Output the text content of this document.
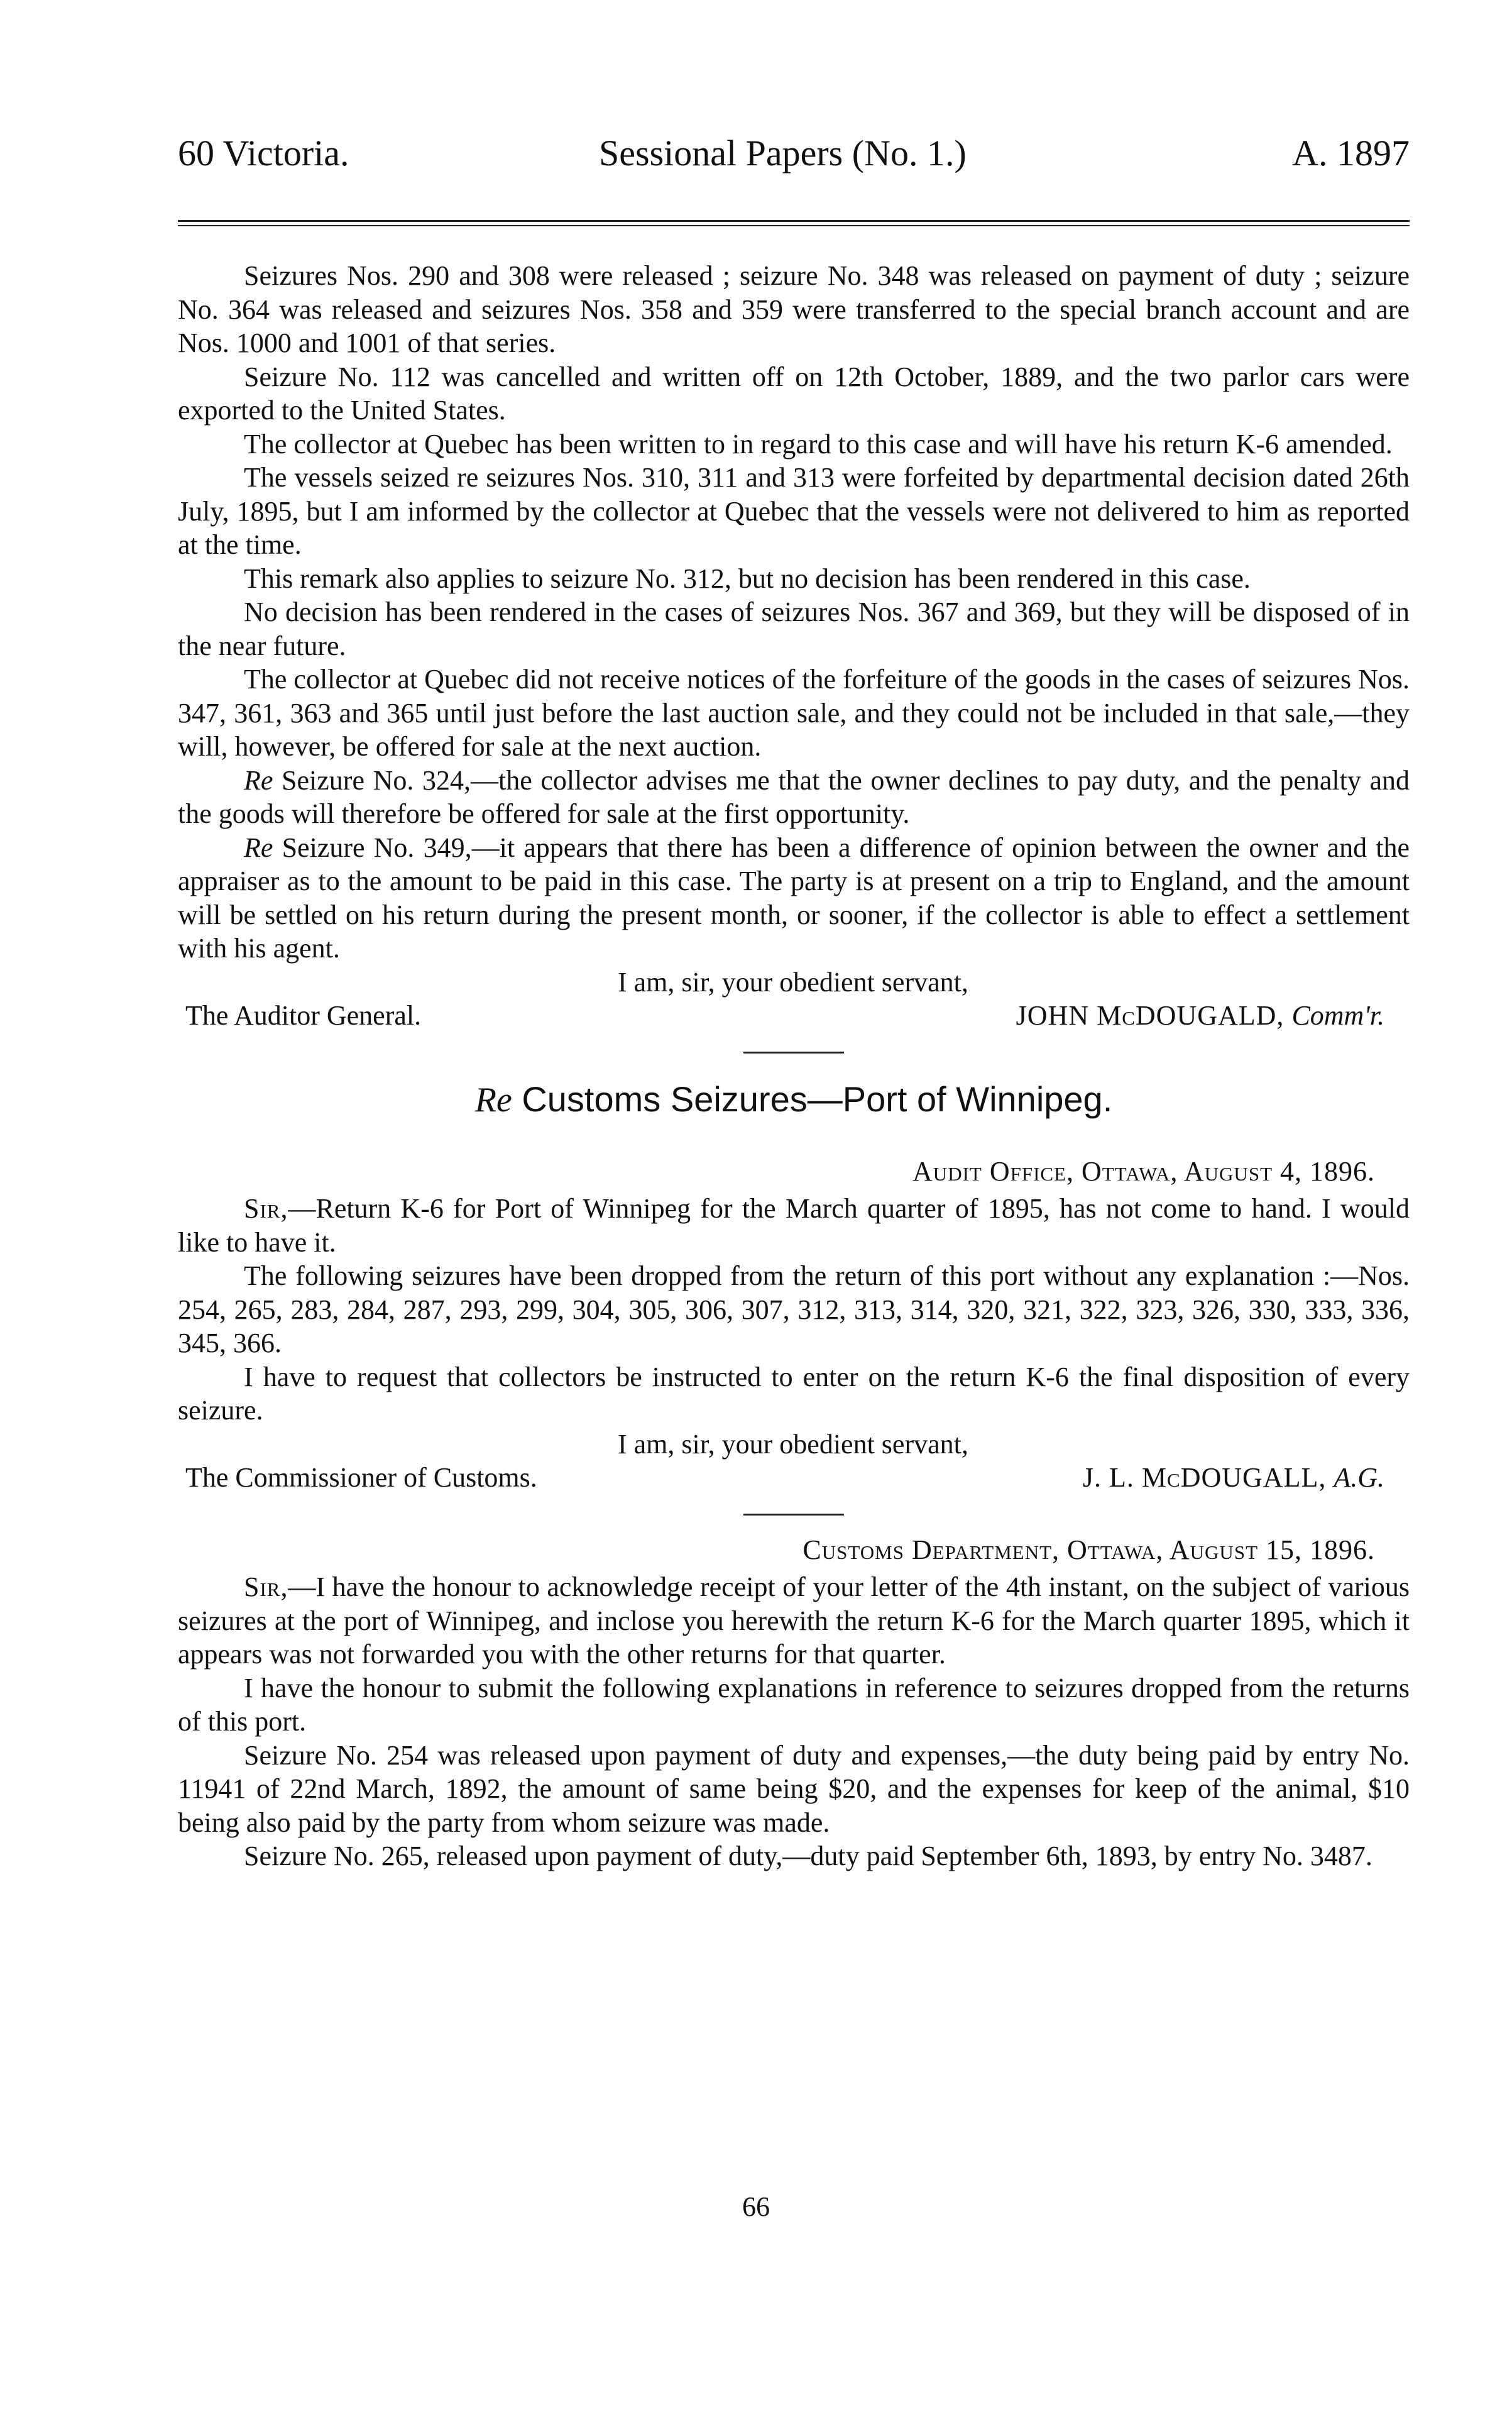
60 Victoria.	Sessional Papers (No. 1.)	A. 1897

Seizures Nos. 290 and 308 were released ; seizure No. 348 was released on payment of duty ; seizure No. 364 was released and seizures Nos. 358 and 359 were transferred to the special branch account and are Nos. 1000 and 1001 of that series.

Seizure No. 112 was cancelled and written off on 12th October, 1889, and the two parlor cars were exported to the United States.

The collector at Quebec has been written to in regard to this case and will have his return K-6 amended.

The vessels seized re seizures Nos. 310, 311 and 313 were forfeited by departmental decision dated 26th July, 1895, but I am informed by the collector at Quebec that the vessels were not delivered to him as reported at the time.

This remark also applies to seizure No. 312, but no decision has been rendered in this case.

No decision has been rendered in the cases of seizures Nos. 367 and 369, but they will be disposed of in the near future.

The collector at Quebec did not receive notices of the forfeiture of the goods in the cases of seizures Nos. 347, 361, 363 and 365 until just before the last auction sale, and they could not be included in that sale,—they will, however, be offered for sale at the next auction.

Re Seizure No. 324,—the collector advises me that the owner declines to pay duty, and the penalty and the goods will therefore be offered for sale at the first opportunity.

Re Seizure No. 349,—it appears that there has been a difference of opinion between the owner and the appraiser as to the amount to be paid in this case. The party is at present on a trip to England, and the amount will be settled on his return during the present month, or sooner, if the collector is able to effect a settlement with his agent.

I am, sir, your obedient servant,

The Auditor General.	JOHN McDOUGALD, Comm'r.

Re Customs Seizures—Port of Winnipeg.

Audit Office, Ottawa, August 4, 1896.

Sir,—Return K-6 for Port of Winnipeg for the March quarter of 1895, has not come to hand. I would like to have it.

The following seizures have been dropped from the return of this port without any explanation :—Nos. 254, 265, 283, 284, 287, 293, 299, 304, 305, 306, 307, 312, 313, 314, 320, 321, 322, 323, 326, 330, 333, 336, 345, 366.

I have to request that collectors be instructed to enter on the return K-6 the final disposition of every seizure.

I am, sir, your obedient servant,

The Commissioner of Customs.	J. L. McDOUGALL, A.G.

Customs Department, Ottawa, August 15, 1896.

Sir,—I have the honour to acknowledge receipt of your letter of the 4th instant, on the subject of various seizures at the port of Winnipeg, and inclose you herewith the return K-6 for the March quarter 1895, which it appears was not forwarded you with the other returns for that quarter.

I have the honour to submit the following explanations in reference to seizures dropped from the returns of this port.

Seizure No. 254 was released upon payment of duty and expenses,—the duty being paid by entry No. 11941 of 22nd March, 1892, the amount of same being $20, and the expenses for keep of the animal, $10 being also paid by the party from whom seizure was made.

Seizure No. 265, released upon payment of duty,—duty paid September 6th, 1893, by entry No. 3487.

66
